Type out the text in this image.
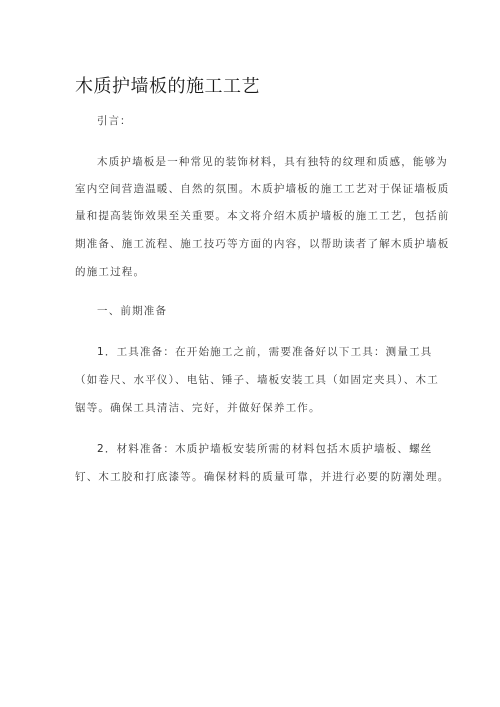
木质护墙板的施工工艺
引言：
木质护墙板是一种常见的装饰材料，具有独特的纹理和质感，能够为
室内空间营造温暖、自然的氛围。木质护墙板的施工工艺对于保证墙板质
量和提高装饰效果至关重要。本文将介绍木质护墙板的施工工艺，包括前
期准备、施工流程、施工技巧等方面的内容，以帮助读者了解木质护墙板
的施工过程。
一、前期准备
1．工具准备：在开始施工之前，需要准备好以下工具：测量工具
（如卷尺、水平仪）、电钻、锤子、墙板安装工具（如固定夹具）、木工
锯等。确保工具清洁、完好，并做好保养工作。
2．材料准备：木质护墙板安装所需的材料包括木质护墙板、螺丝
钉、木工胶和打底漆等。确保材料的质量可靠，并进行必要的防潮处理。
